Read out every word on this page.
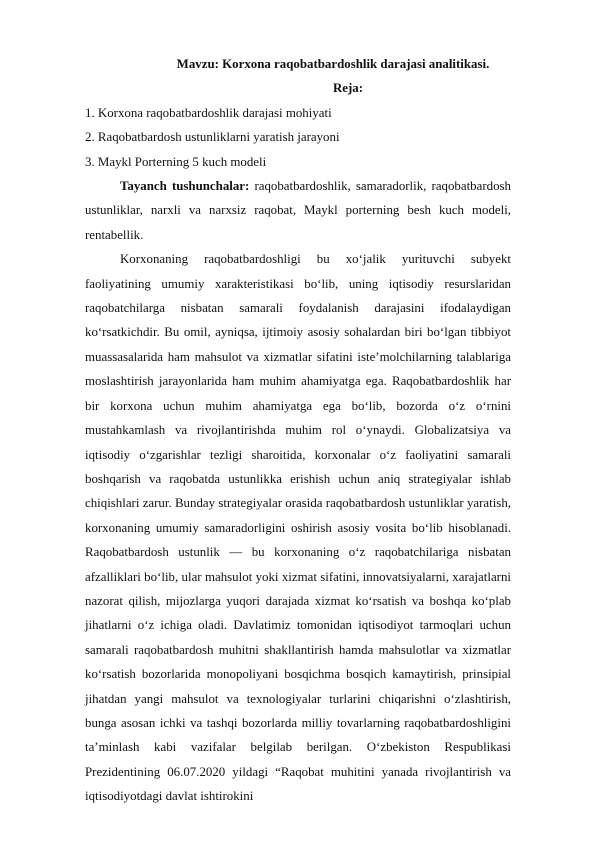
Mavzu: Korxona raqobatbardoshlik darajasi analitikasi.

Reja:

1. Korxona raqobatbardoshlik darajasi mohiyati
2. Raqobatbardosh ustunliklarni yaratish jarayoni
3. Maykl Porterning 5 kuch modeli

Tayanch tushunchalar: raqobatbardoshlik, samaradorlik, raqobatbardosh ustunliklar, narxli va narxsiz raqobat, Maykl porterning besh kuch modeli, rentabellik.

Korxonaning raqobatbardoshligi bu xo‘jalik yurituvchi subyekt faoliyatining umumiy xarakteristikasi bo‘lib, uning iqtisodiy resurslaridan raqobatchilarga nisbatan samarali foydalanish darajasini ifodalaydigan ko‘rsatkichdir. Bu omil, ayniqsa, ijtimoiy asosiy sohalardan biri bo‘lgan tibbiyot muassasalarida ham mahsulot va xizmatlar sifatini iste’molchilarning talablariga moslashtirish jarayonlarida ham muhim ahamiyatga ega. Raqobatbardoshlik har bir korxona uchun muhim ahamiyatga ega bo‘lib, bozorda o‘z o‘rnini mustahkamlash va rivojlantirishda muhim rol o‘ynaydi. Globalizatsiya va iqtisodiy o‘zgarishlar tezligi sharoitida, korxonalar o‘z faoliyatini samarali boshqarish va raqobatda ustunlikka erishish uchun aniq strategiyalar ishlab chiqishlari zarur. Bunday strategiyalar orasida raqobatbardosh ustunliklar yaratish, korxonaning umumiy samaradorligini oshirish asosiy vosita bo‘lib hisoblanadi. Raqobatbardosh ustunlik — bu korxonaning o‘z raqobatchilariga nisbatan afzalliklari bo‘lib, ular mahsulot yoki xizmat sifatini, innovatsiyalarni, xarajatlarni nazorat qilish, mijozlarga yuqori darajada xizmat ko‘rsatish va boshqa ko‘plab jihatlarni o‘z ichiga oladi. Davlatimiz tomonidan iqtisodiyot tarmoqlari uchun samarali raqobatbardosh muhitni shakllantirish hamda mahsulotlar va xizmatlar ko‘rsatish bozorlarida monopoliyani bosqichma bosqich kamaytirish, prinsipial jihatdan yangi mahsulot va texnologiyalar turlarini chiqarishni o‘zlashtirish, bunga asosan ichki va tashqi bozorlarda milliy tovarlarning raqobatbardoshligini ta’minlash kabi vazifalar belgilab berilgan. O‘zbekiston Respublikasi Prezidentining 06.07.2020 yildagi “Raqobat muhitini yanada rivojlantirish va iqtisodiyotdagi davlat ishtirokini
